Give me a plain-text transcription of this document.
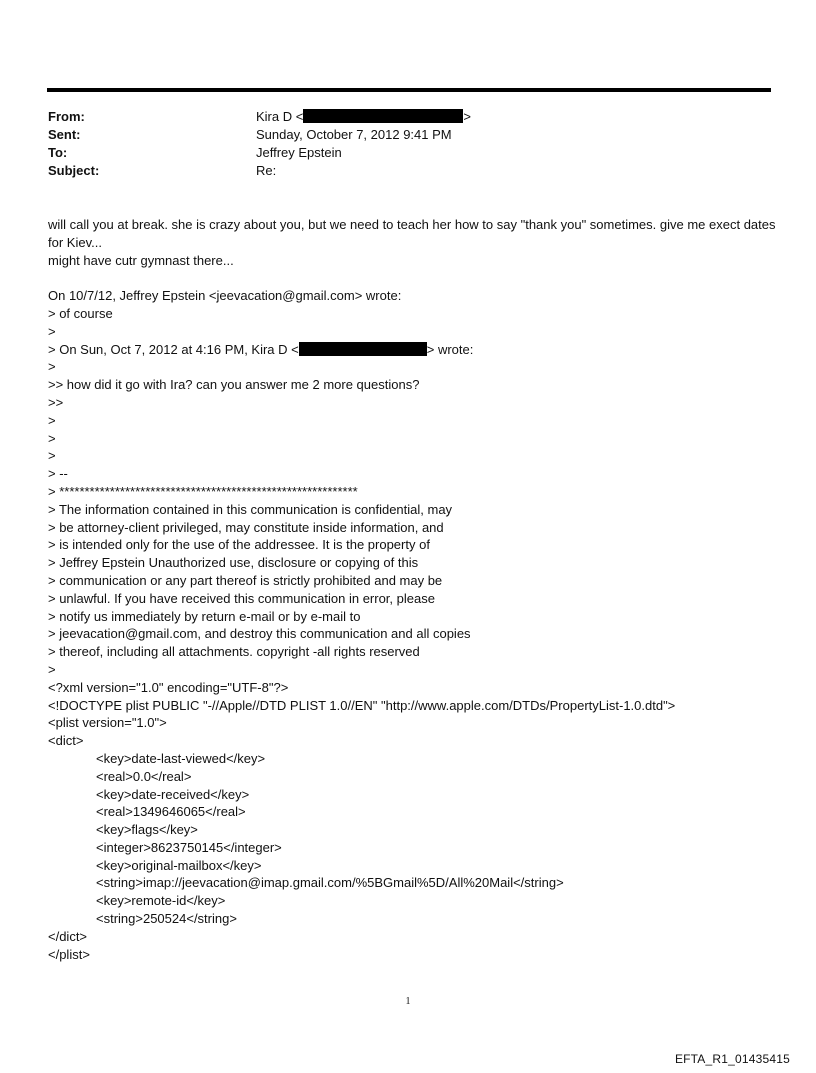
From:	Kira D <	>
Sent:	Sunday, October 7, 2012 9:41 PM
To:	Jeffrey Epstein
Subject:	Re:
will call you at break. she is crazy about you, but we need to teach her how to say "thank you" sometimes. give me exect dates for Kiev...
might have cutr gymnast there...
On 10/7/12, Jeffrey Epstein <jeevacation@gmail.com> wrote:
> of course
>
> On Sun, Oct 7, 2012 at 4:16 PM, Kira D <	> wrote:
>
>> how did it go with Ira? can you answer me 2 more questions?
>>
>
>
>
> --
> ***********************************************************
> The information contained in this communication is confidential, may
> be attorney-client privileged, may constitute inside information, and
> is intended only for the use of the addressee. It is the property of
> Jeffrey Epstein Unauthorized use, disclosure or copying of this
> communication or any part thereof is strictly prohibited and may be
> unlawful. If you have received this communication in error, please
> notify us immediately by return e-mail or by e-mail to
> jeevacation@gmail.com, and destroy this communication and all copies
> thereof, including all attachments. copyright -all rights reserved
>
<?xml version="1.0" encoding="UTF-8"?>
<!DOCTYPE plist PUBLIC "-//Apple//DTD PLIST 1.0//EN" "http://www.apple.com/DTDs/PropertyList-1.0.dtd">
<plist version="1.0">
<dict>
<key>date-last-viewed</key>
<real>0.0</real>
<key>date-received</key>
<real>1349646065</real>
<key>flags</key>
<integer>8623750145</integer>
<key>original-mailbox</key>
<string>imap://jeevacation@imap.gmail.com/%5BGmail%5D/All%20Mail</string>
<key>remote-id</key>
<string>250524</string>
</dict>
</plist>
1
EFTA_R1_01435415
